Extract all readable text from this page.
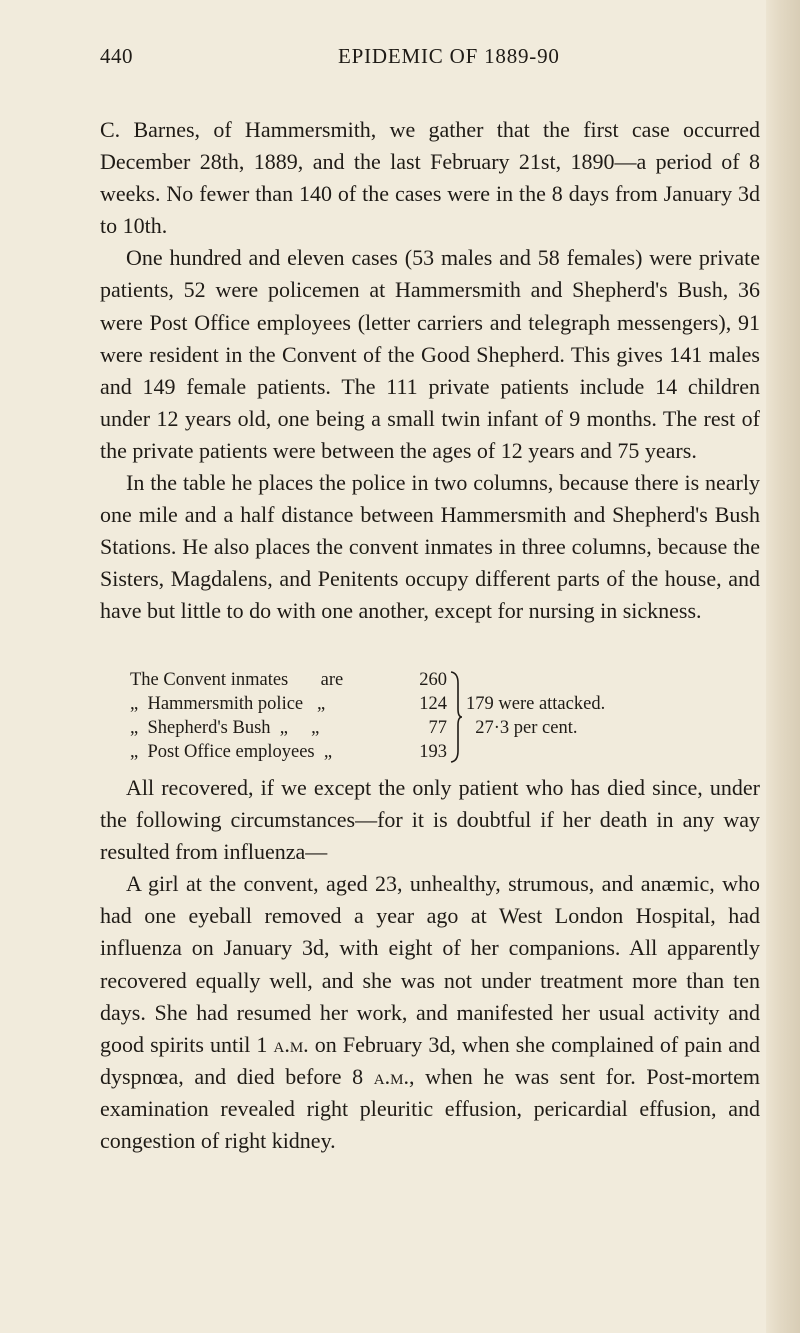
440	EPIDEMIC OF 1889-90

C. Barnes, of Hammersmith, we gather that the first case occurred December 28th, 1889, and the last February 21st, 1890—a period of 8 weeks. No fewer than 140 of the cases were in the 8 days from January 3d to 10th.

One hundred and eleven cases (53 males and 58 females) were private patients, 52 were policemen at Hammersmith and Shepherd's Bush, 36 were Post Office employees (letter carriers and telegraph messengers), 91 were resident in the Convent of the Good Shepherd. This gives 141 males and 149 female patients. The 111 private patients include 14 children under 12 years old, one being a small twin infant of 9 months. The rest of the private patients were between the ages of 12 years and 75 years.

In the table he places the police in two columns, because there is nearly one mile and a half distance between Hammersmith and Shepherd's Bush Stations. He also places the convent inmates in three columns, because the Sisters, Magdalens, and Penitents occupy different parts of the house, and have but little to do with one another, except for nursing in sickness.

The Convent inmates       are	260
„  Hammersmith police   „	124
„  Shepherd's Bush  „     „	77
„  Post Office employees  „	193
179 were attacked.
27·3 per cent.

All recovered, if we except the only patient who has died since, under the following circumstances—for it is doubtful if her death in any way resulted from influenza—

A girl at the convent, aged 23, unhealthy, strumous, and anæmic, who had one eyeball removed a year ago at West London Hospital, had influenza on January 3d, with eight of her companions. All apparently recovered equally well, and she was not under treatment more than ten days. She had resumed her work, and manifested her usual activity and good spirits until 1 a.m. on February 3d, when she complained of pain and dyspnœa, and died before 8 a.m., when he was sent for. Post-mortem examination revealed right pleuritic effusion, pericardial effusion, and congestion of right kidney.
